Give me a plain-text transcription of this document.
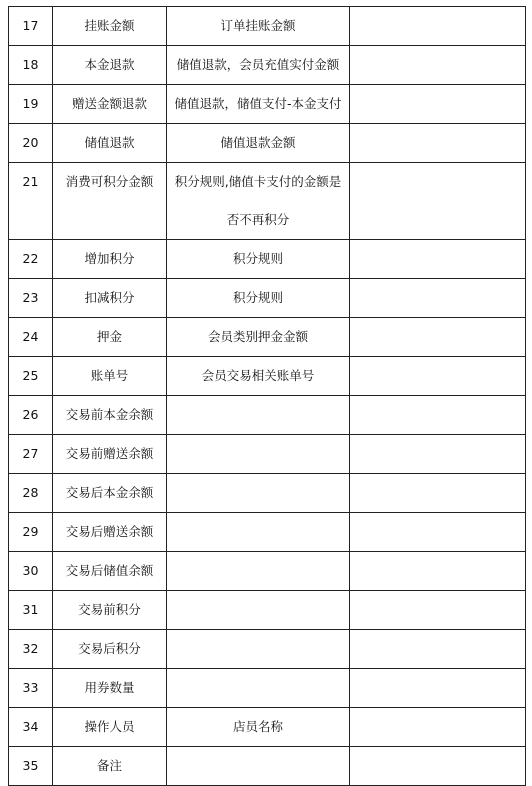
17	挂账金额	订单挂账金额	
18	本金退款	储值退款，会员充值实付金额	
19	赠送金额退款	储值退款，储值支付-本金支付	
20	储值退款	储值退款金额	
21	消费可积分金额	积分规则,储值卡支付的金额是否不再积分	
22	增加积分	积分规则	
23	扣减积分	积分规则	
24	押金	会员类别押金金额	
25	账单号	会员交易相关账单号	
26	交易前本金余额		
27	交易前赠送余额		
28	交易后本金余额		
29	交易后赠送余额		
30	交易后储值余额		
31	交易前积分		
32	交易后积分		
33	用券数量		
34	操作人员	店员名称	
35	备注		
